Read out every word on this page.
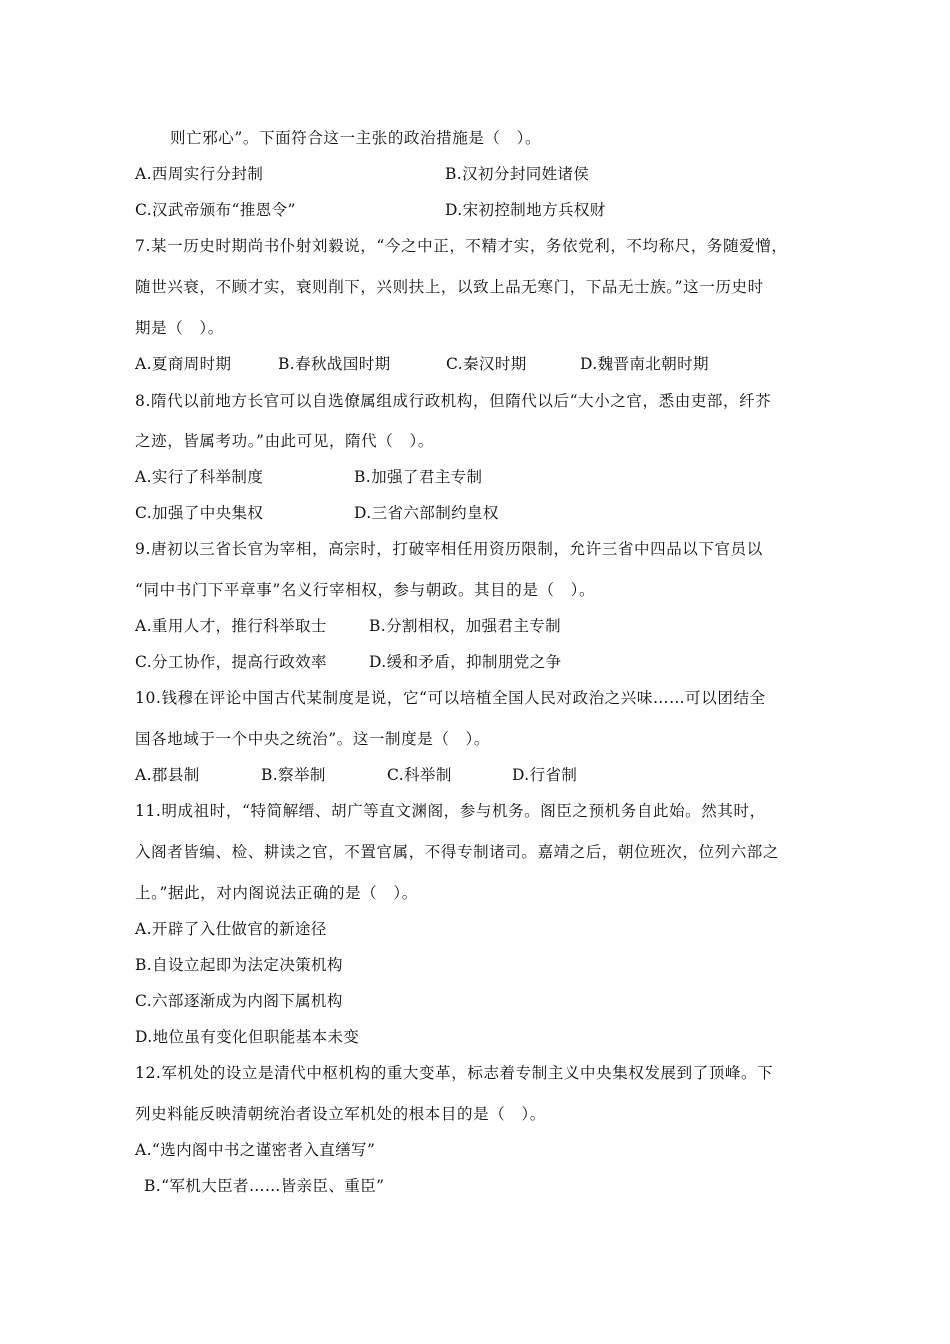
则亡邪心”。下面符合这一主张的政治措施是（　）。
A.西周实行分封制	B.汉初分封同姓诸侯
C.汉武帝颁布“推恩令”	D.宋初控制地方兵权财
7.某一历史时期尚书仆射刘毅说，“今之中正，不精才实，务依党利，不均称尺，务随爱憎，
随世兴衰，不顾才实，衰则削下，兴则扶上，以致上品无寒门，下品无士族。”这一历史时
期是（　）。
A.夏商周时期	B.春秋战国时期	C.秦汉时期	D.魏晋南北朝时期
8.隋代以前地方长官可以自选僚属组成行政机构，但隋代以后“大小之官，悉由吏部，纤芥
之迹，皆属考功。”由此可见，隋代（　）。
A.实行了科举制度	B.加强了君主专制
C.加强了中央集权	D.三省六部制约皇权
9.唐初以三省长官为宰相，高宗时，打破宰相任用资历限制，允许三省中四品以下官员以
“同中书门下平章事”名义行宰相权，参与朝政。其目的是（　）。
A.重用人才，推行科举取士	B.分割相权，加强君主专制
C.分工协作，提高行政效率	D.缓和矛盾，抑制朋党之争
10.钱穆在评论中国古代某制度是说，它“可以培植全国人民对政治之兴味……可以团结全
国各地域于一个中央之统治”。这一制度是（　）。
A.郡县制	B.察举制	C.科举制	D.行省制
11.明成祖时，“特简解缙、胡广等直文渊阁，参与机务。阁臣之预机务自此始。然其时，
入阁者皆编、检、耕读之官，不置官属，不得专制诸司。嘉靖之后，朝位班次，位列六部之
上。”据此，对内阁说法正确的是（　）。
A.开辟了入仕做官的新途径
B.自设立起即为法定决策机构
C.六部逐渐成为内阁下属机构
D.地位虽有变化但职能基本未变
12.军机处的设立是清代中枢机构的重大变革，标志着专制主义中央集权发展到了顶峰。下
列史料能反映清朝统治者设立军机处的根本目的是（　）。
A.“选内阁中书之谨密者入直缮写”
B.“军机大臣者……皆亲臣、重臣”
